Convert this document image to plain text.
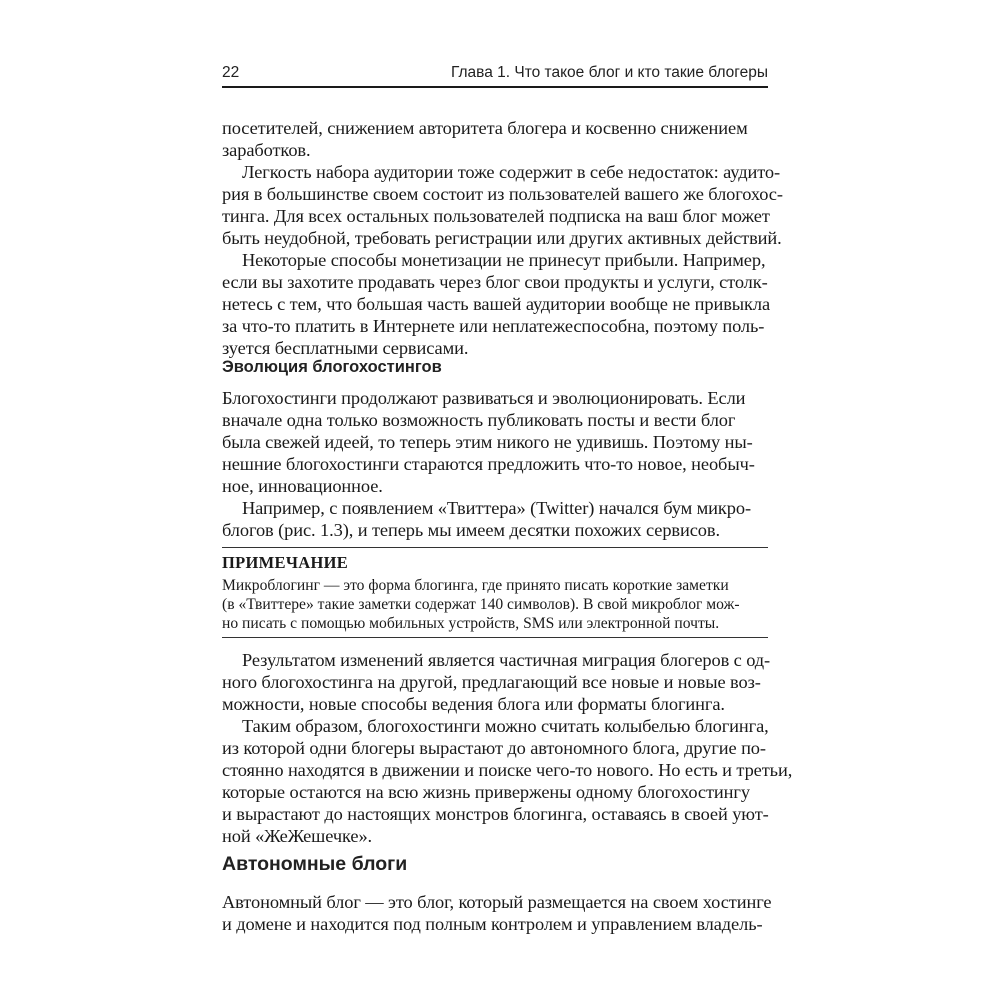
22	Глава 1. Что такое блог и кто такие блогеры
посетителей, снижением авторитета блогера и косвенно снижением
заработков.
Легкость набора аудитории тоже содержит в себе недостаток: аудито-
рия в большинстве своем состоит из пользователей вашего же блогохос-
тинга. Для всех остальных пользователей подписка на ваш блог может
быть неудобной, требовать регистрации или других активных действий.
Некоторые способы монетизации не принесут прибыли. Например,
если вы захотите продавать через блог свои продукты и услуги, столк-
нетесь с тем, что большая часть вашей аудитории вообще не привыкла
за что-то платить в Интернете или неплатежеспособна, поэтому поль-
зуется бесплатными сервисами.
Эволюция блогохостингов
Блогохостинги продолжают развиваться и эволюционировать. Если
вначале одна только возможность публиковать посты и вести блог
была свежей идеей, то теперь этим никого не удивишь. Поэтому ны-
нешние блогохостинги стараются предложить что-то новое, необыч-
ное, инновационное.
Например, с появлением «Твиттера» (Twitter) начался бум микро-
блогов (рис. 1.3), и теперь мы имеем десятки похожих сервисов.
ПРИМЕЧАНИЕ
Микроблогинг — это форма блогинга, где принято писать короткие заметки
(в «Твиттере» такие заметки содержат 140 символов). В свой микроблог мож-
но писать с помощью мобильных устройств, SMS или электронной почты.
Результатом изменений является частичная миграция блогеров с од-
ного блогохостинга на другой, предлагающий все новые и новые воз-
можности, новые способы ведения блога или форматы блогинга.
Таким образом, блогохостинги можно считать колыбелью блогинга,
из которой одни блогеры вырастают до автономного блога, другие по-
стоянно находятся в движении и поиске чего-то нового. Но есть и третьи,
которые остаются на всю жизнь привержены одному блогохостингу
и вырастают до настоящих монстров блогинга, оставаясь в своей уют-
ной «ЖеЖешечке».
Автономные блоги
Автономный блог — это блог, который размещается на своем хостинге
и домене и находится под полным контролем и управлением владель-
